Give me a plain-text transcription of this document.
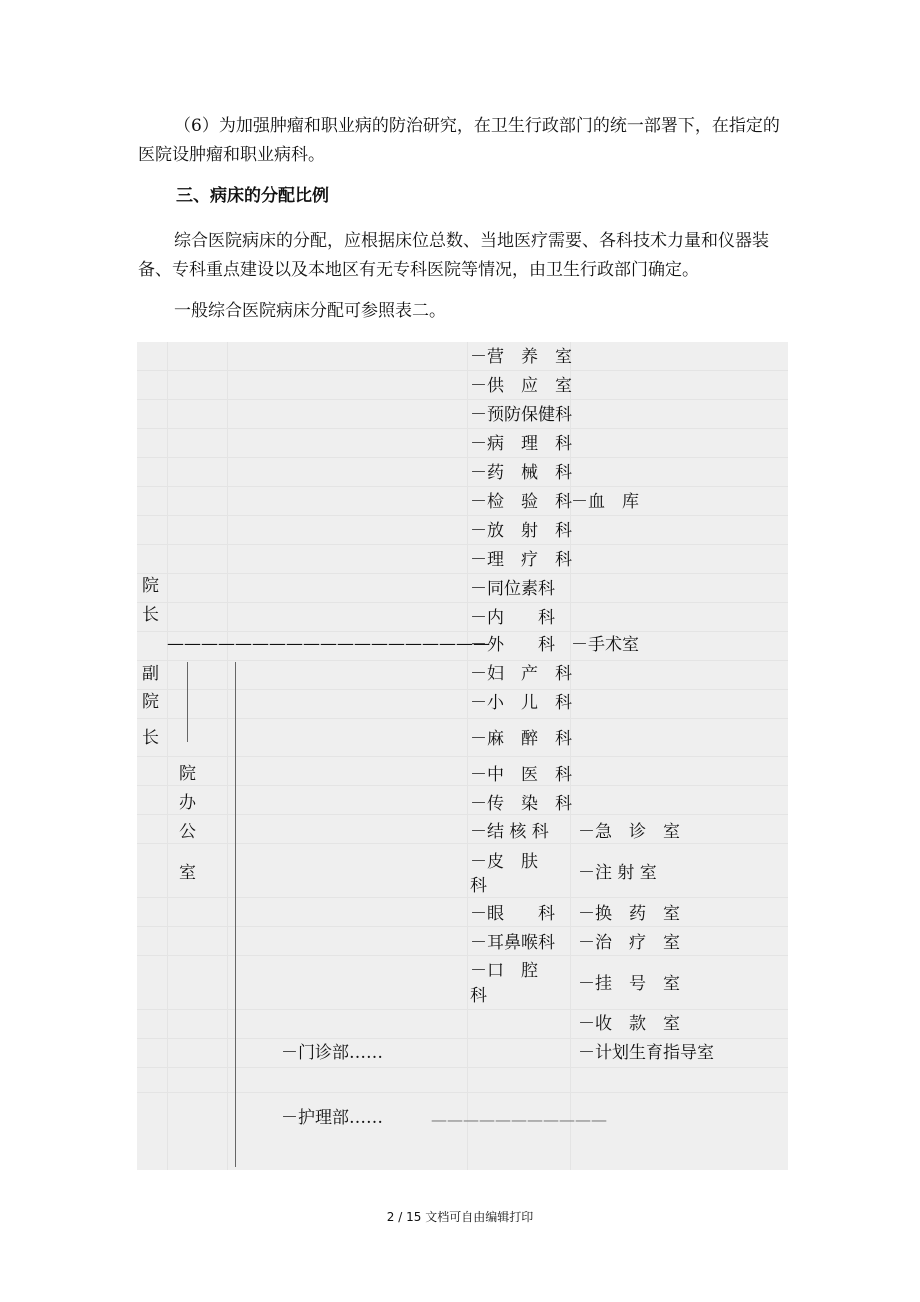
（6）为加强肿瘤和职业病的防治研究，在卫生行政部门的统一部署下，在指定的医院设肿瘤和职业病科。

三、病床的分配比例

综合医院病床的分配，应根据床位总数、当地医疗需要、各科技术力量和仪器装备、专科重点建设以及本地区有无专科医院等情况，由卫生行政部门确定。

一般综合医院病床分配可参照表二。

院
长
———————————————————
副
院
长
院
办
公
室
－营　养　室
－供　应　室
－预防保健科
－病　理　科
－药　械　科
－检　验　科 －血　库
－放　射　科
－理　疗　科
－同位素科
－内　　科
－外　　科 －手术室
－妇　产　科
－小　儿　科
－麻　醉　科
－中　医　科
－传　染　科
－结 核 科
－皮　肤
科
－眼　　科
－耳鼻喉科
－口　腔
科
－急　诊　室
－注 射 室
－换　药　室
－治　疗　室
－挂　号　室
－收　款　室
－计划生育指导室
－门诊部……
－护理部……	———————————
2 / 15 文档可自由编辑打印
